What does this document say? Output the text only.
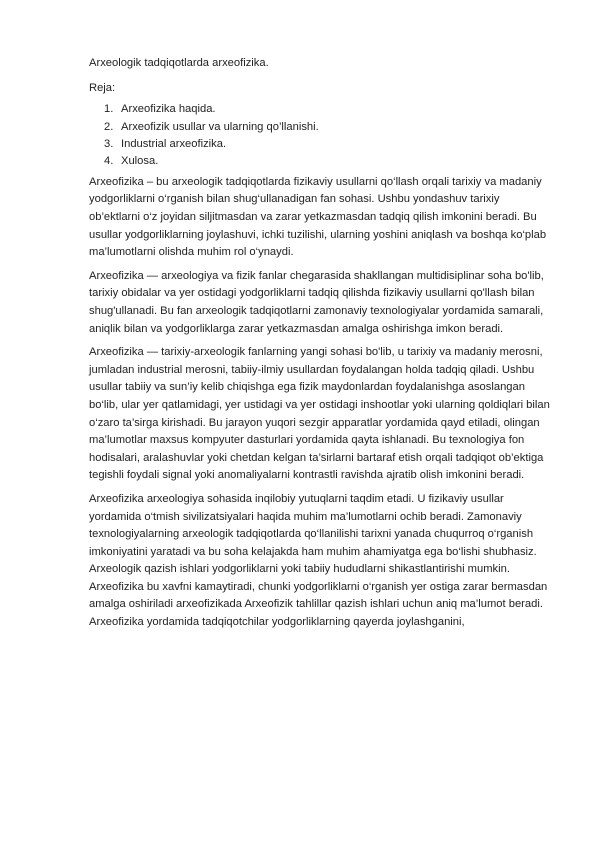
Arxeologik tadqiqotlarda arxeofizika.

Reja:

1. Arxeofizika haqida.
2. Arxeofizik usullar va ularning qo’llanishi.
3. Industrial arxeofizika.
4. Xulosa.

Arxeofizika – bu arxeologik tadqiqotlarda fizikaviy usullarni qo‘llash orqali tarixiy va madaniy yodgorliklarni o‘rganish bilan shug‘ullanadigan fan sohasi. Ushbu yondashuv tarixiy ob’ektlarni o‘z joyidan siljitmasdan va zarar yetkazmasdan tadqiq qilish imkonini beradi. Bu usullar yodgorliklarning joylashuvi, ichki tuzilishi, ularning yoshini aniqlash va boshqa ko‘plab ma’lumotlarni olishda muhim rol o‘ynaydi.

Arxeofizika — arxeologiya va fizik fanlar chegarasida shakllangan multidisiplinar soha bo'lib, tarixiy obidalar va yer ostidagi yodgorliklarni tadqiq qilishda fizikaviy usullarni qo'llash bilan shug'ullanadi. Bu fan arxeologik tadqiqotlarni zamonaviy texnologiyalar yordamida samarali, aniqlik bilan va yodgorliklarga zarar yetkazmasdan amalga oshirishga imkon beradi.

Arxeofizika — tarixiy-arxeologik fanlarning yangi sohasi bo'lib, u tarixiy va madaniy merosni, jumladan industrial merosni, tabiiy-ilmiy usullardan foydalangan holda tadqiq qiladi. Ushbu usullar tabiiy va sun’iy kelib chiqishga ega fizik maydonlardan foydalanishga asoslangan bo‘lib, ular yer qatlamidagi, yer ustidagi va yer ostidagi inshootlar yoki ularning qoldiqlari bilan o‘zaro ta’sirga kirishadi. Bu jarayon yuqori sezgir apparatlar yordamida qayd etiladi, olingan ma’lumotlar maxsus kompyuter dasturlari yordamida qayta ishlanadi. Bu texnologiya fon hodisalari, aralashuvlar yoki chetdan kelgan ta’sirlarni bartaraf etish orqali tadqiqot ob’ektiga tegishli foydali signal yoki anomaliyalarni kontrastli ravishda ajratib olish imkonini beradi.

Arxeofizika arxeologiya sohasida inqilobiy yutuqlarni taqdim etadi. U fizikaviy usullar yordamida o‘tmish sivilizatsiyalari haqida muhim ma’lumotlarni ochib beradi. Zamonaviy texnologiyalarning arxeologik tadqiqotlarda qo‘llanilishi tarixni yanada chuqurroq o‘rganish imkoniyatini yaratadi va bu soha kelajakda ham muhim ahamiyatga ega bo‘lishi shubhasiz. Arxeologik qazish ishlari yodgorliklarni yoki tabiiy hududlarni shikastlantirishi mumkin. Arxeofizika bu xavfni kamaytiradi, chunki yodgorliklarni o‘rganish yer ostiga zarar bermasdan amalga oshiriladi arxeofizikada Arxeofizik tahlillar qazish ishlari uchun aniq ma’lumot beradi. Arxeofizika yordamida tadqiqotchilar yodgorliklarning qayerda joylashganini,
